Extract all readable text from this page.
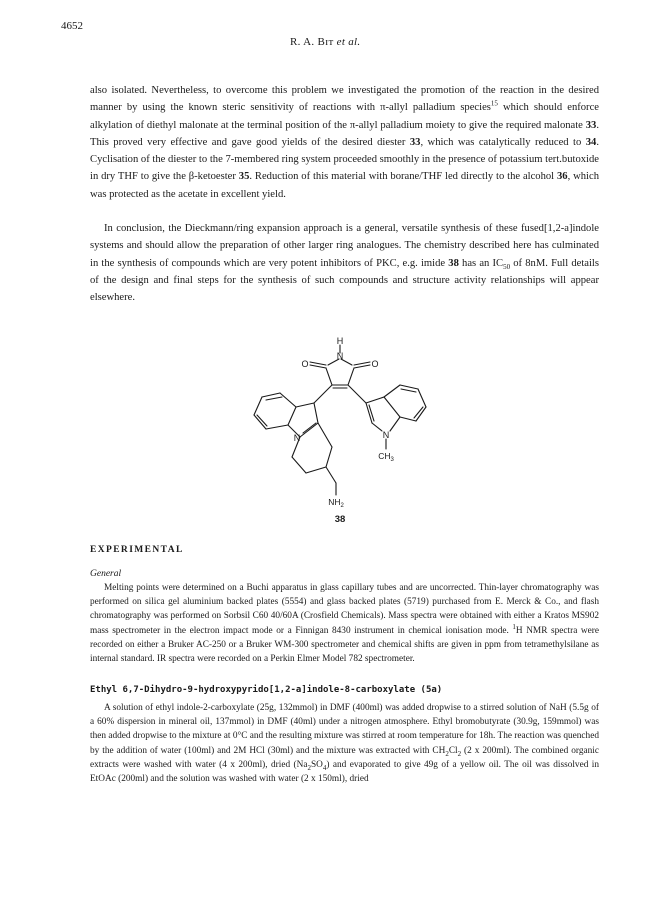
4652
R. A. Bɪᴛ et al.

also isolated. Nevertheless, to overcome this problem we investigated the promotion of the reaction in the desired manner by using the known steric sensitivity of reactions with π-allyl palladium species$^{15}$ which should enforce alkylation of diethyl malonate at the terminal position of the π-allyl palladium moiety to give the required malonate 33. This proved very effective and gave good yields of the desired diester 33, which was catalytically reduced to 34. Cyclisation of the diester to the 7-membered ring system proceeded smoothly in the presence of potassium tert.butoxide in dry THF to give the β-ketoester 35. Reduction of this material with borane/THF led directly to the alcohol 36, which was protected as the acetate in excellent yield.

In conclusion, the Dieckmann/ring expansion approach is a general, versatile synthesis of these fused[1,2-a]indole systems and should allow the preparation of other larger ring analogues. The chemistry described here has culminated in the synthesis of compounds which are very potent inhibitors of PKC, e.g. imide 38 has an $IC_{50}$ of 8nM. Full details of the design and final steps for the synthesis of such compounds and structure activity relationships will appear elsewhere.

H
N
O	O
N	N
$CH_3$
$NH_2$
38
EXPERIMENTAL
General

Melting points were determined on a Buchi apparatus in glass capillary tubes and are uncorrected. Thin-layer chromatography was performed on silica gel aluminium backed plates (5554) and glass backed plates (5719) purchased from E. Merck & Co., and flash chromatography was performed on Sorbsil C60 40/60A (Crosfield Chemicals). Mass spectra were obtained with either a Kratos MS902 mass spectrometer in the electron impact mode or a Finnigan 8430 instrument in chemical ionisation mode. $^1$H NMR spectra were recorded on either a Bruker AC-250 or a Bruker WM-300 spectrometer and chemical shifts are given in ppm from tetramethylsilane as internal standard. IR spectra were recorded on a Perkin Elmer Model 782 spectrometer.

Ethyl 6,7-Dihydro-9-hydroxypyrido[1,2-a]indole-8-carboxylate (5a)

A solution of ethyl indole-2-carboxylate (25g, 132mmol) in DMF (400ml) was added dropwise to a stirred solution of NaH (5.5g of a 60% dispersion in mineral oil, 137mmol) in DMF (40ml) under a nitrogen atmosphere. Ethyl bromobutyrate (30.9g, 159mmol) was then added dropwise to the mixture at 0°C and the resulting mixture was stirred at room temperature for 18h. The reaction was quenched by the addition of water (100ml) and 2M HCl (30ml) and the mixture was extracted with $CH_2Cl_2$ (2 x 200ml). The combined organic extracts were washed with water (4 x 200ml), dried $(Na_2SO_4)$ and evaporated to give 49g of a yellow oil. The oil was dissolved in EtOAc (200ml) and the solution was washed with water (2 x 150ml), dried
